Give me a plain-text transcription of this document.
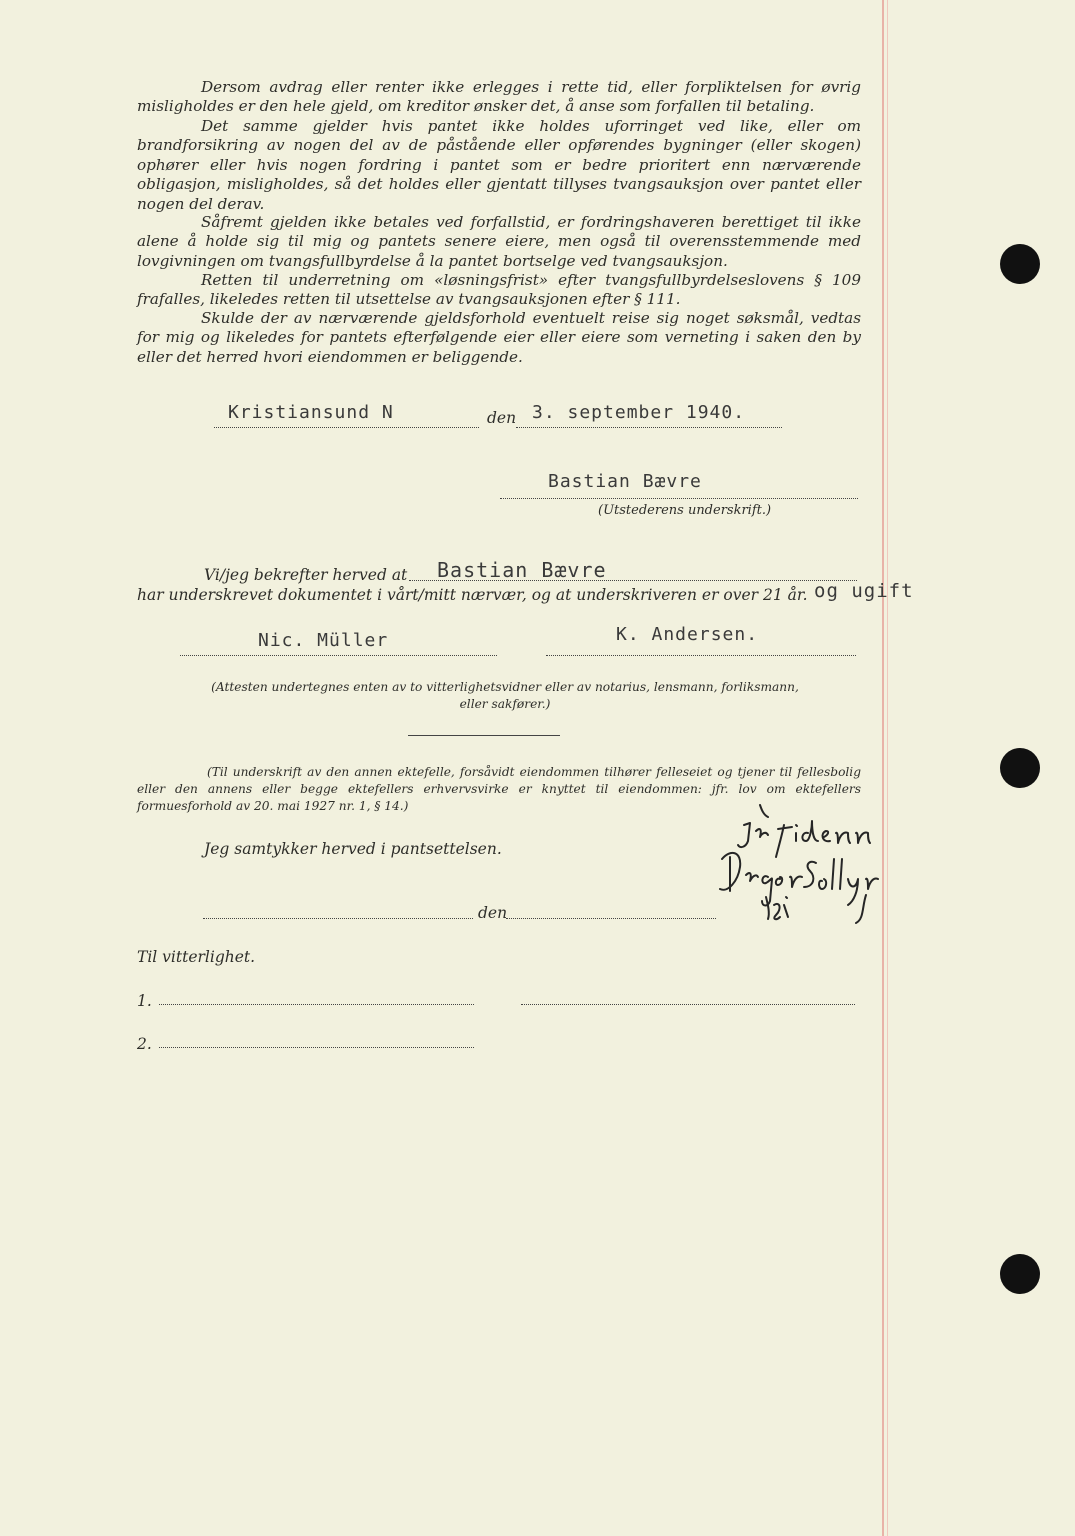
Dersom avdrag eller renter ikke erlegges i rette tid, eller forpliktelsen for øvrig misligholdes er den hele gjeld, om kreditor ønsker det, å anse som forfallen til betaling.

Det samme gjelder hvis pantet ikke holdes uforringet ved like, eller om brandforsikring av nogen del av de påstående eller opførendes bygninger (eller skogen) ophører eller hvis nogen fordring i pantet som er bedre prioritert enn nærværende obligasjon, misligholdes, så det holdes eller gjentatt tillyses tvangsauksjon over pantet eller nogen del derav.

Såfremt gjelden ikke betales ved forfallstid, er fordringshaveren berettiget til ikke alene å holde sig til mig og pantets senere eiere, men også til overensstemmende med lovgivningen om tvangsfullbyrdelse å la pantet bortselge ved tvangsauksjon.

Retten til underretning om «løsningsfrist» efter tvangsfullbyrdelseslovens § 109 frafalles, likeledes retten til utsettelse av tvangsauksjonen efter § 111.

Skulde der av nærværende gjeldsforhold eventuelt reise sig noget søksmål, vedtas for mig og likeledes for pantets efterfølgende eier eller eiere som verneting i saken den by eller det herred hvori eiendommen er beliggende.

Kristiansund N	den 3. september 1940.
Bastian Bævre
(Utstederens underskrift.)
Vi/jeg bekrefter herved at Bastian Bævre
har underskrevet dokumentet i vårt/mitt nærvær, og at underskriveren er over 21 år. og ugift
Nic. Müller	K. Andersen.

(Attesten undertegnes enten av to vitterlighetsvidner eller av notarius, lensmann, forliksmann, eller sakfører.)

(Til underskrift av den annen ektefelle, forsåvidt eiendommen tilhører felleseiet og tjener til fellesbolig eller den annens eller begge ektefellers erhvervsvirke er knyttet til eiendommen: jfr. lov om ektefellers formuesforhold av 20. mai 1927 nr. 1, § 14.)

Jeg samtykker herved i pantsettelsen.
den
Til vitterlighet.
1.
2.
